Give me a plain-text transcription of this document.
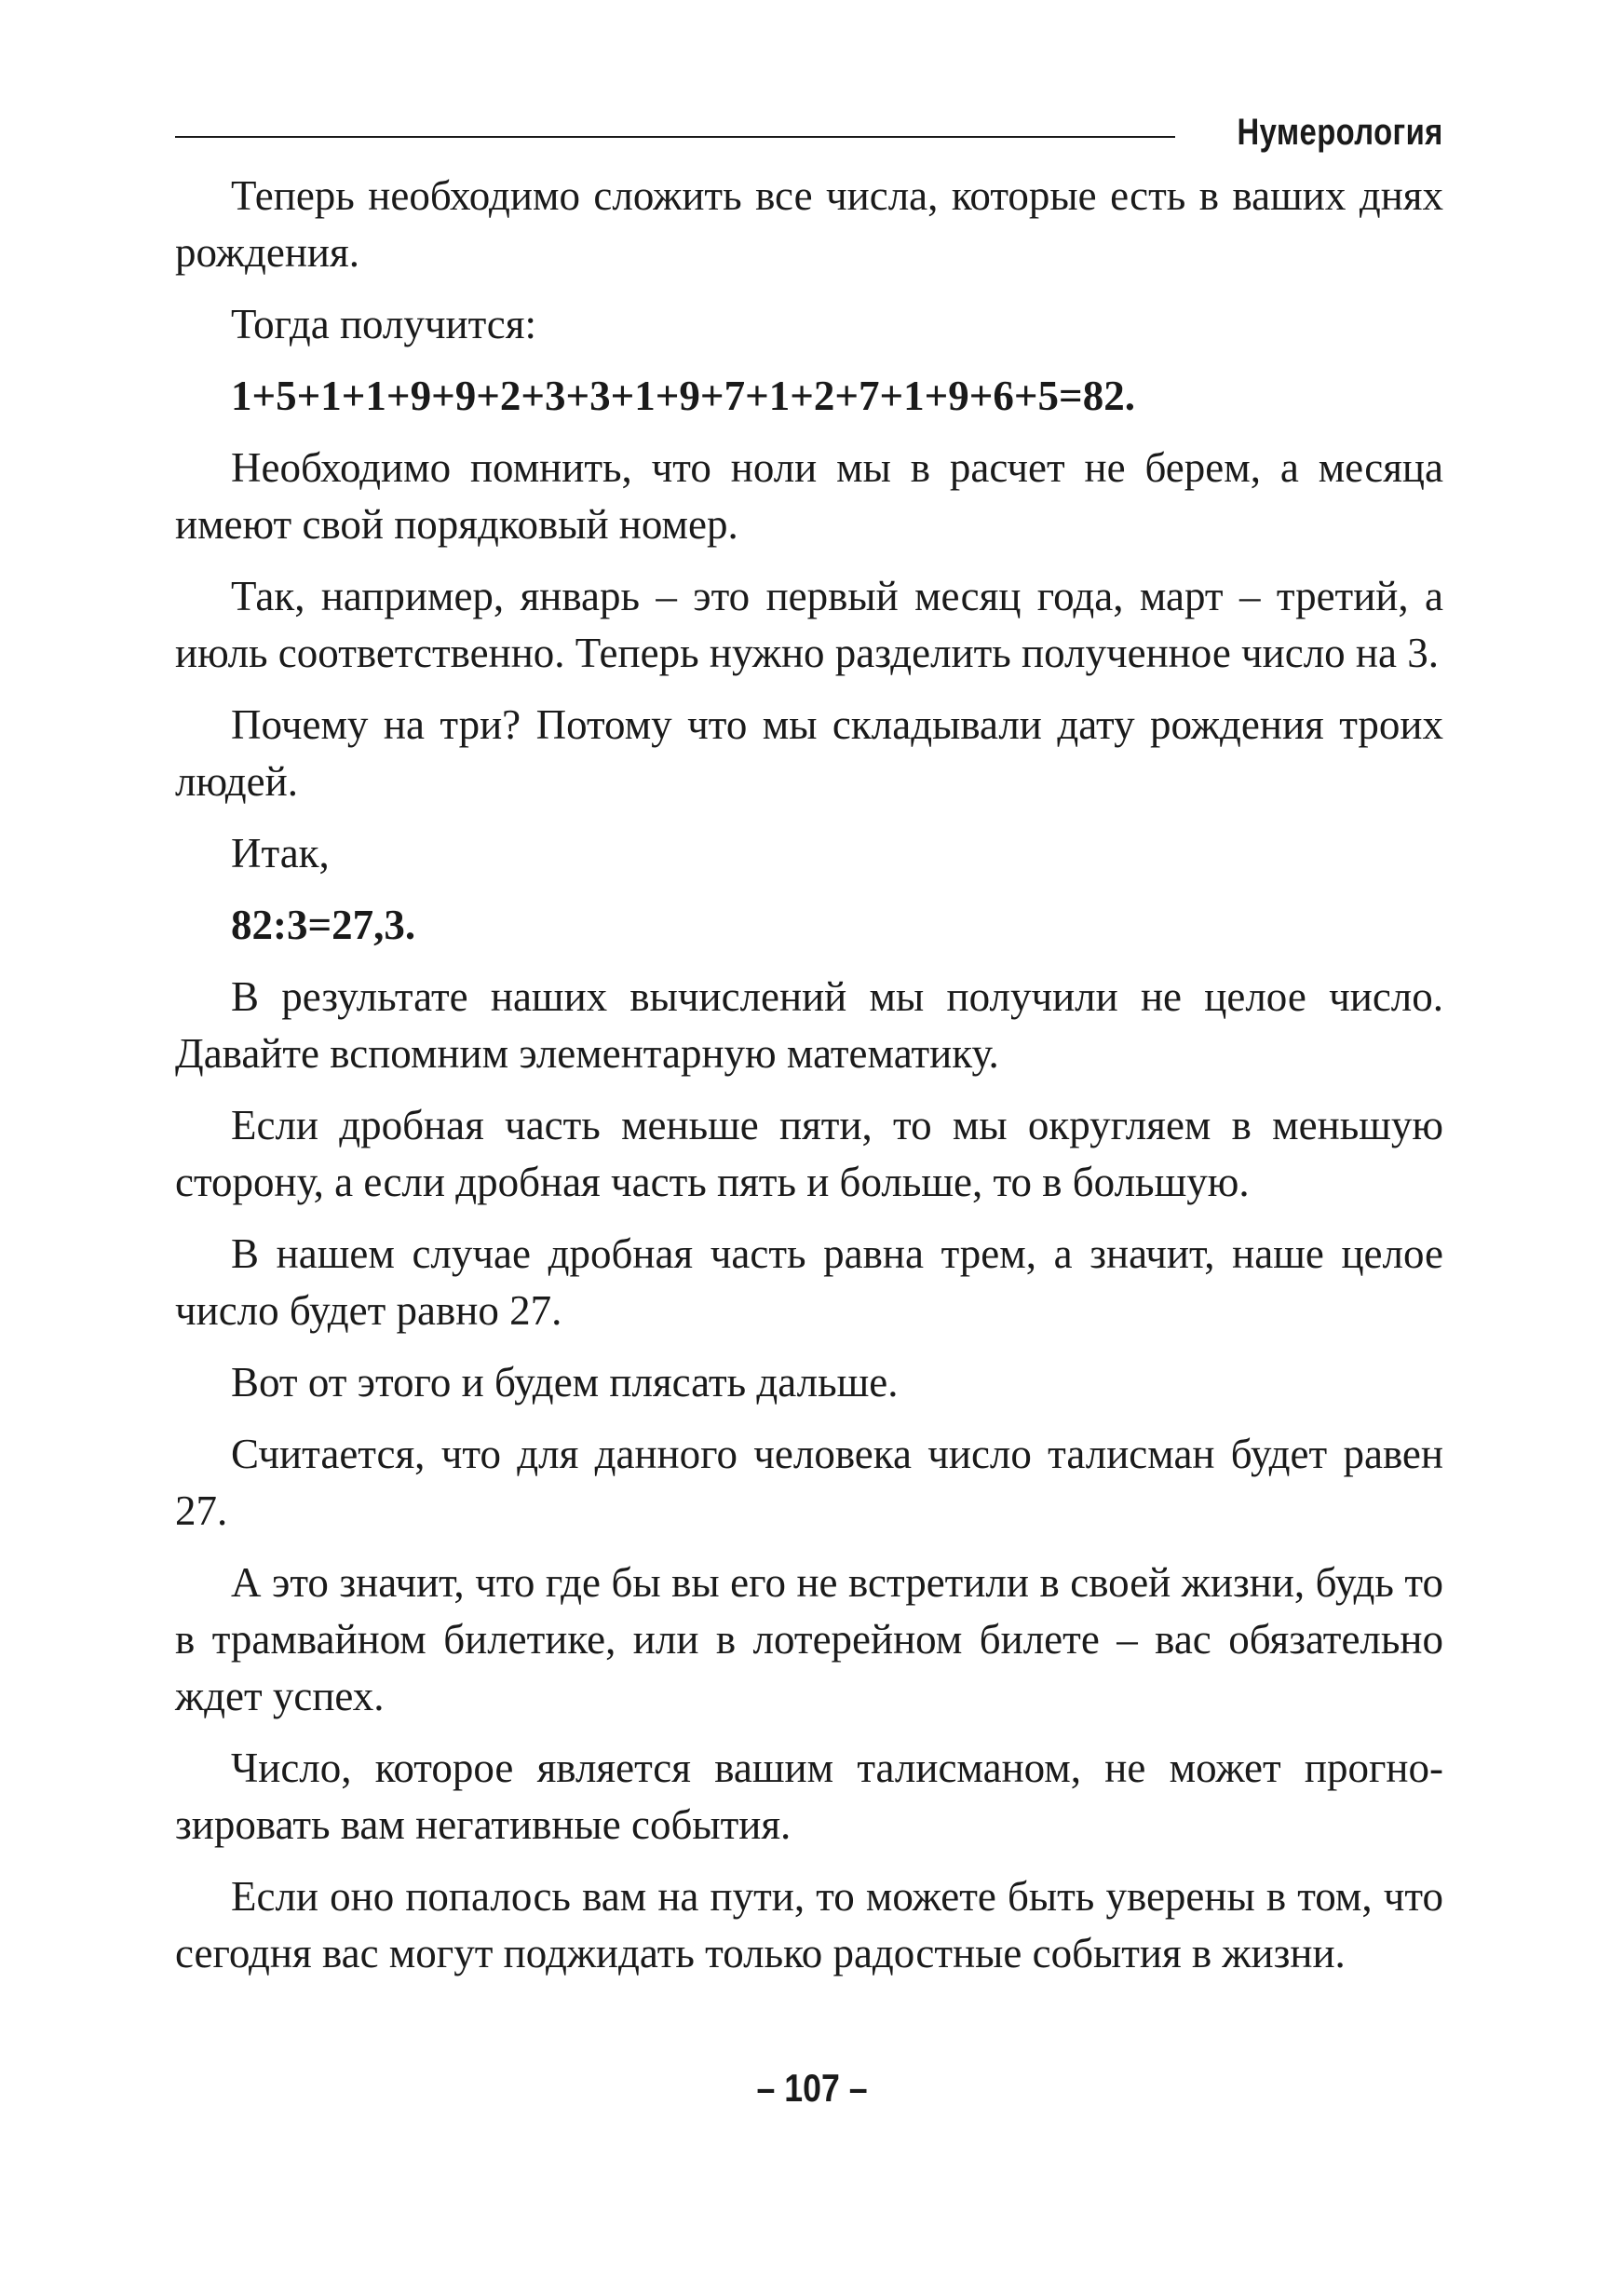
Нумерология

Теперь необходимо сложить все числа, которые есть в ваших днях рождения.

Тогда получится:

1+5+1+1+9+9+2+3+3+1+9+7+1+2+7+1+9+6+5=82.

Необходимо помнить, что ноли мы в расчет не берем, а месяца имеют свой порядковый номер.

Так, например, январь – это первый месяц года, март – третий, а июль соответственно. Теперь нужно разделить полученное число на 3.

Почему на три? Потому что мы складывали дату рождения троих людей.

Итак,

82:3=27,3.

В результате наших вычислений мы получили не целое число. Давайте вспомним элементарную математику.

Если дробная часть меньше пяти, то мы округляем в меньшую сторону, а если дробная часть пять и больше, то в большую.

В нашем случае дробная часть равна трем, а значит, наше целое число будет равно 27.

Вот от этого и будем плясать дальше.

Считается, что для данного человека число талисман будет равен 27.

А это значит, что где бы вы его не встретили в своей жизни, будь то в трамвайном билетике, или в лотерейном билете – вас обязательно ждет успех.

Число, которое является вашим талисманом, не может прогнозировать вам негативные события.

Если оно попалось вам на пути, то можете быть уверены в том, что сегодня вас могут поджидать только радостные события в жизни.

– 107 –
